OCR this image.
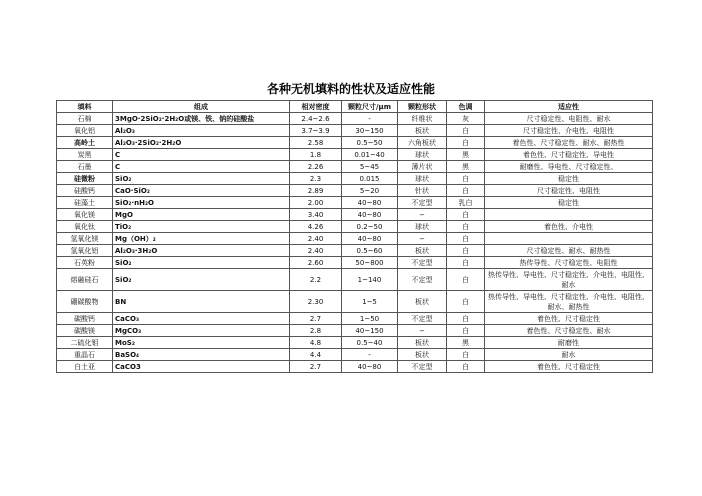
各种无机填料的性状及适应性能
填料	组成	相对密度	颗粒尺寸/μm	颗粒形状	色调	适应性
石棉	3MgO·2SiO₂·2H₂O或镁、铁、钠的硅酸盐	2.4~2.6	-	纤维状	灰	尺寸稳定性、电阻性、耐水
氧化铝	Al₂O₃	3.7~3.9	30~150	板状	白	尺寸稳定性、介电性、电阻性
高岭土	Al₂O₃·2SiO₂·2H₂O	2.58	0.5~50	六角板状	白	着色性、尺寸稳定性、耐水、耐热性
炭黑	C	1.8	0.01~40	球状	黑	着色性、尺寸稳定性、导电性
石墨	C	2.26	5~45	薄片状	黑	耐磨性、导电性、尺寸稳定性、
硅微粉	SiO₂	2.3	0.015	球状	白	稳定性
硅酸钙	CaO·SiO₂	2.89	5~20	针状	白	尺寸稳定性、电阻性
硅藻土	SiO₂·nH₂O	2.00	40~80	不定型	乳白	稳定性
氧化镁	MgO	3.40	40~80	−	白	
氧化钛	TiO₂	4.26	0.2~50	球状	白	着色性、介电性
氢氧化镁	Mg（OH）₂	2.40	40~80	−	白	
氢氧化铝	Al₂O₃·3H₂O	2.40	0.5~60	板状	白	尺寸稳定性、耐水、耐热性
石英粉	SiO₂	2.60	50~800	不定型	白	热传导性、尺寸稳定性、电阻性
熔融硅石	SiO₂	2.2	1~140	不定型	白	热传导性、导电性、尺寸稳定性、介电性、电阻性、耐水
硼碳酸物	BN	2.30	1~5	板状	白	热传导性、导电性、尺寸稳定性、介电性、电阻性、耐水、耐热性
碳酸钙	CaCO₃	2.7	1~50	不定型	白	着色性、尺寸稳定性
碳酸镁	MgCO₃	2.8	40~150	−	白	着色性、尺寸稳定性、耐水
二硫化钼	MoS₂	4.8	0.5~40	板状	黑	耐磨性
重晶石	BaSO₄	4.4	-	板状	白	耐水
白土亚	CaCO3	2.7	40~80	不定型	白	着色性、尺寸稳定性
